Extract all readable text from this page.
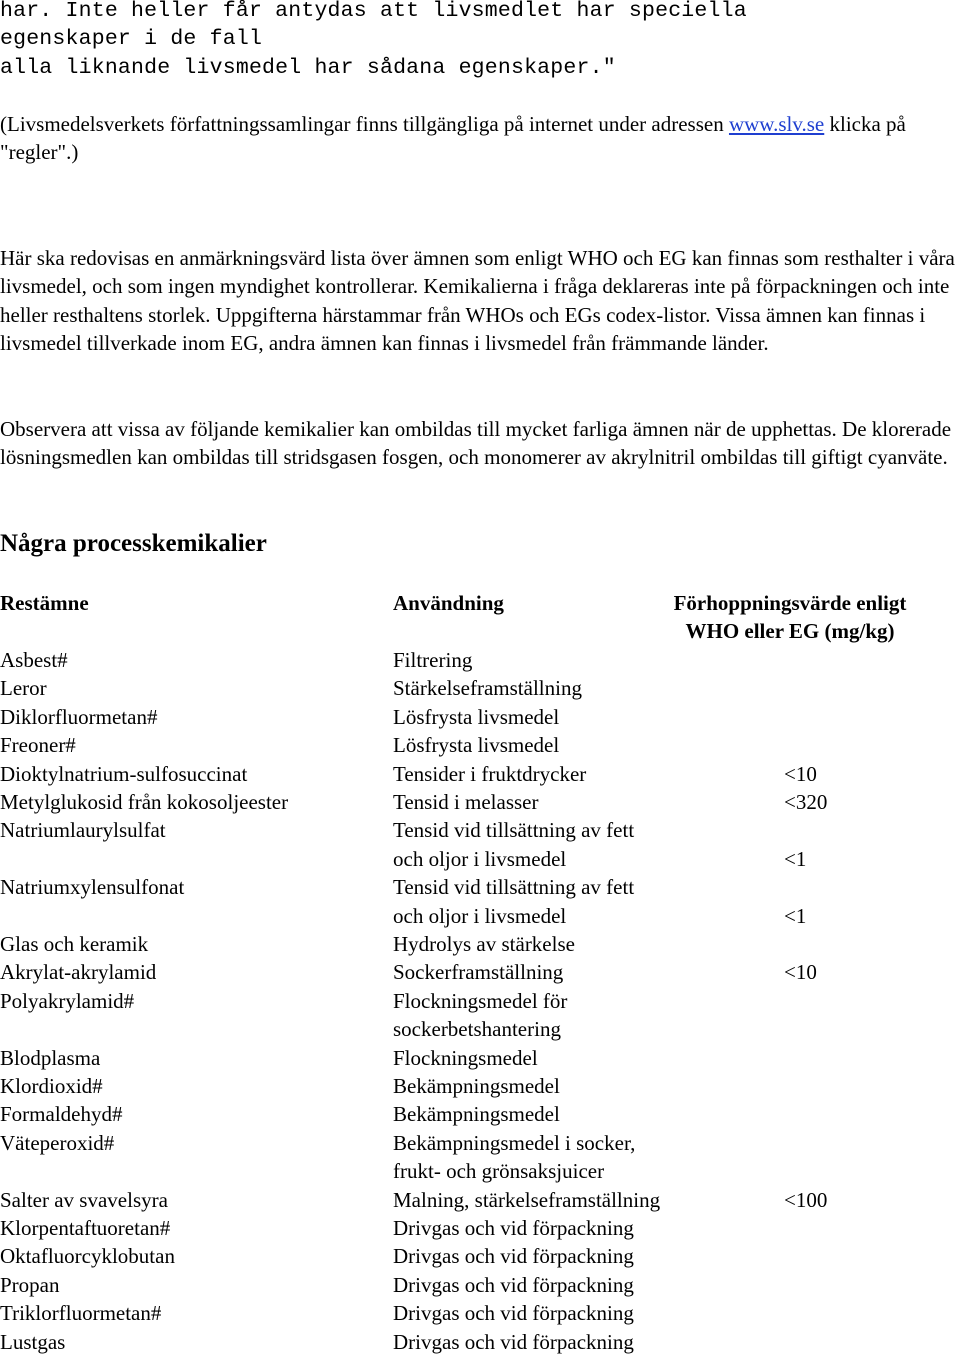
har. Inte heller får antydas att livsmedlet har speciella
egenskaper i de fall
alla liknande livsmedel har sådana egenskaper."
(Livsmedelsverkets författningssamlingar finns tillgängliga på internet under adressen www.slv.se klicka på "regler".)
Här ska redovisas en anmärkningsvärd lista över ämnen som enligt WHO och EG kan finnas som resthalter i våra livsmedel, och som ingen myndighet kontrollerar. Kemikalierna i fråga deklareras inte på förpackningen och inte heller resthaltens storlek. Uppgifterna härstammar från WHOs och EGs codex-listor. Vissa ämnen kan finnas i livsmedel tillverkade inom EG, andra ämnen kan finnas i livsmedel från främmande länder.
Observera att vissa av följande kemikalier kan ombildas till mycket farliga ämnen när de upphettas. De klorerade lösningsmedlen kan ombildas till stridsgasen fosgen, och monomerer av akrylnitril ombildas till giftigt cyanväte.
Några processkemikalier
Restämne	Användning	Förhoppningsvärde enligt WHO eller EG (mg/kg)
Asbest#	Filtrering
Leror	Stärkelseframställning
Diklorfluormetan#	Lösfrysta livsmedel
Freoner#	Lösfrysta livsmedel
Dioktylnatrium-sulfosuccinat	Tensider i fruktdrycker	<10
Metylglukosid från kokosoljeester	Tensid i melasser	<320
Natriumlaurylsulfat	Tensid vid tillsättning av fett
och oljor i livsmedel	<1
Natriumxylensulfonat	Tensid vid tillsättning av fett
och oljor i livsmedel	<1
Glas och keramik	Hydrolys av stärkelse
Akrylat-akrylamid	Sockerframställning	<10
Polyakrylamid#	Flockningsmedel för
sockerbetshantering
Blodplasma	Flockningsmedel
Klordioxid#	Bekämpningsmedel
Formaldehyd#	Bekämpningsmedel
Väteperoxid#	Bekämpningsmedel i socker,
frukt- och grönsaksjuicer
Salter av svavelsyra	Malning, stärkelseframställning	<100
Klorpentaftuoretan#	Drivgas och vid förpackning
Oktafluorcyklobutan	Drivgas och vid förpackning
Propan	Drivgas och vid förpackning
Triklorfluormetan#	Drivgas och vid förpackning
Lustgas	Drivgas och vid förpackning
